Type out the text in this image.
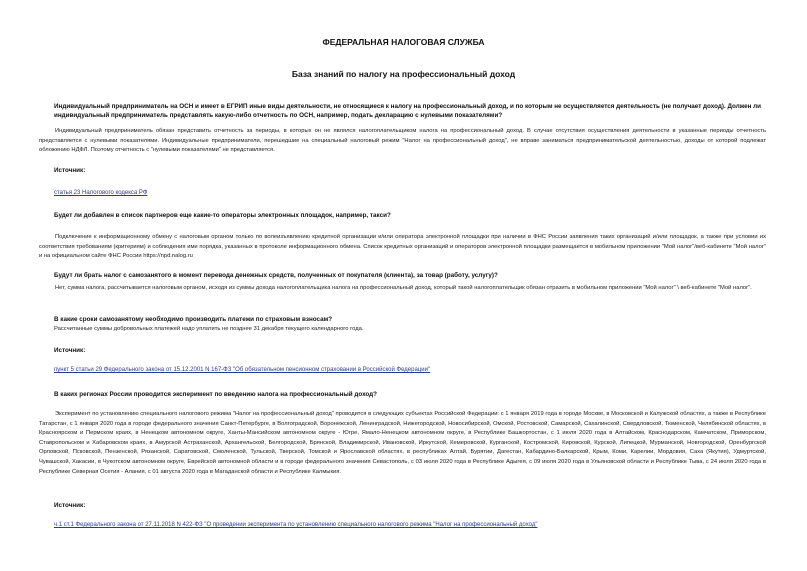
ФЕДЕРАЛЬНАЯ НАЛОГОВАЯ СЛУЖБА
База знаний по налогу на профессиональный доход
Индивидуальный предприниматель на ОСН и имеет в ЕГРИП иные виды деятельности, не относящиеся к налогу на профессиональный доход, и по которым не осуществляется деятельность (не получает доход). Должен ли индивидуальный предприниматель представлять какую-либо отчетность по ОСН, например, подать декларацию с нулевыми показателями?
Индивидуальный предприниматель обязан представить отчетность за периоды, в которых он не являлся налогоплательщиком налога на профессиональный доход. В случае отсутствия осуществления деятельности в указанные периоды отчетность представляется с нулевыми показателями. Индивидуальные предприниматели, перешедшие на специальный налоговый режим "Налог на профессиональный доход", не вправе заниматься предпринимательской деятельностью, доходы от которой подлежат обложению НДФЛ. Поэтому отчетность с "нулевыми показателями" не представляется.
Источник:
статья 23 Налогового кодекса РФ
Будет ли добавлен в список партнеров еще какие-то операторы электронных площадок, например, такси?
Подключение к информационному обмену с налоговым органом только по волеизъявлению кредитной организации и/или оператора электронной площадки при наличии в ФНС России заявления таких организаций и/или площадок, а также при условии их соответствия требованиям (критериям) и соблюдения ими порядка, указанных в протоколе информационного обмена. Список кредитных организаций и операторов электронной площадки размещается в мобильном приложении "Мой налог"/веб-кабинете "Мой налог" и на официальном сайте ФНС России https://npd.nalog.ru
Будут ли брать налог с самозанятого в момент перевода денежных средств, полученных от покупателя (клиента), за товар (работу, услугу)?
Нет, сумма налога, рассчитывается налоговым органом, исходя из суммы дохода налогоплательщика налога на профессиональный доход, который такой налогоплательщик обязан отразить в мобильном приложении "Мой налог" \ веб-кабинете "Мой налог".
В какие сроки самозанятому необходимо производить платежи по страховым взносам?
Рассчитанные суммы добровольных платежей надо уплатить не позднее 31 декабря текущего календарного года.
Источник:
пункт 5 статьи 29 Федерального закона от 15.12.2001 N 167-ФЗ "Об обязательном пенсионном страховании в Российской Федерации"
В каких регионах России проводится эксперимент по введению налога на профессиональный доход?
Эксперимент по установлению специального налогового режима "Налог на профессиональный доход" проводится в следующих субъектах Российской Федерации: с 1 января 2019 года в городе Москве, в Московской и Калужской областях, а также в Республике Татарстан, с 1 января 2020 года в городе федерального значения Санкт-Петербурге, в Волгоградской, Воронежской, Ленинградской, Нижегородской, Новосибирской, Омской, Ростовской, Самарской, Сахалинской, Свердловской, Тюменской, Челябинской областях, в Красноярском и Пермском краях, в Ненецком автономном округе, Ханты-Мансийском автономном округе - Югре, Ямало-Ненецком автономном округе, в Республике Башкортостан, с 1 июля 2020 года в Алтайском, Краснодарском, Камчатском, Приморском, Ставропольском и Хабаровском краях, в Амурской Астраханской, Архангельской, Белгородской, Брянской, Владимирской, Ивановской, Иркутской, Кемеровской, Курганской, Костромской, Кировской, Курской, Липецкой, Мурманской, Новгородской, Оренбургской Орловской, Псковской, Пензенской, Рязанской, Саратовской, Смоленской, Тульской, Тверской, Томской и Ярославской областях, в республиках Алтай, Бурятии, Дагестан, Кабардино-Балкарской, Крым, Коми, Карелии, Мордовия, Саха (Якутия), Удмуртской, Чувашской, Хакасии, в Чукотском автономном округе, Еврейской автономной области и в городе федерального значения Севастополь, с 03 июля 2020 года в Республике Адыгея, с 09 июля 2020 года в Ульяновской области и Республике Тыва, с 24 июля 2020 года в Республике Северная Осетия - Алания, с 01 августа 2020 года в Магаданской области и Республике Калмыкия.
Источник:
ч.1 ст.1 Федерального закона от 27.11.2018 N 422-ФЗ "О проведении эксперимента по установлению специального налогового режима "Налог на профессиональный доход"
